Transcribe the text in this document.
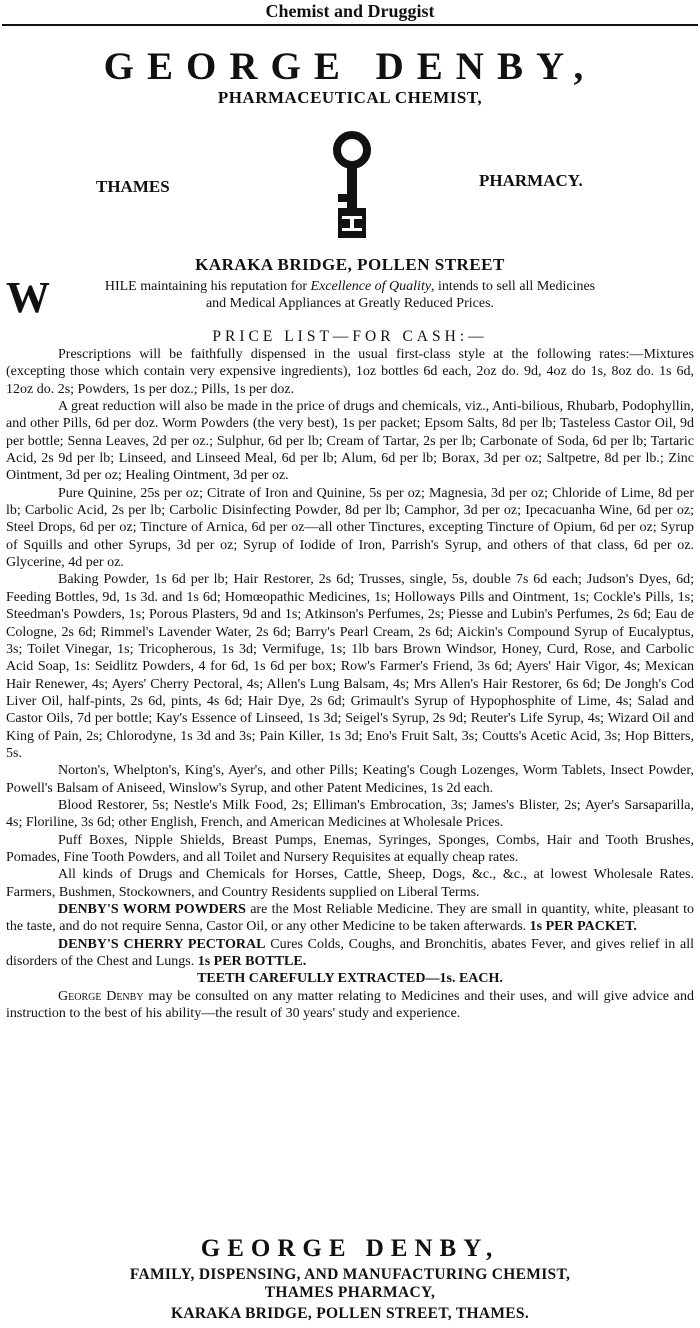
Chemist and Druggist
GEORGE DENBY,
PHARMACEUTICAL CHEMIST,
THAMES	PHARMACY.
KARAKA BRIDGE, POLLEN STREET
W	HILE maintaining his reputation for Excellence of Quality, intends to sell all Medicines
and Medical Appliances at Greatly Reduced Prices.
PRICE LIST—FOR CASH:—

Prescriptions will be faithfully dispensed in the usual first-class style at the following rates:—Mixtures (excepting those which contain very expensive ingredients), 1oz bottles 6d each, 2oz do. 9d, 4oz do 1s, 8oz do. 1s 6d, 12oz do. 2s; Powders, 1s per doz.; Pills, 1s per doz.

A great reduction will also be made in the price of drugs and chemicals, viz., Anti-bilious, Rhubarb, Podophyllin, and other Pills, 6d per doz. Worm Powders (the very best), 1s per packet; Epsom Salts, 8d per lb; Tasteless Castor Oil, 9d per bottle; Senna Leaves, 2d per oz.; Sulphur, 6d per lb; Cream of Tartar, 2s per lb; Carbonate of Soda, 6d per lb; Tartaric Acid, 2s 9d per lb; Linseed, and Linseed Meal, 6d per lb; Alum, 6d per lb; Borax, 3d per oz; Saltpetre, 8d per lb.; Zinc Ointment, 3d per oz; Healing Ointment, 3d per oz.

Pure Quinine, 25s per oz; Citrate of Iron and Quinine, 5s per oz; Magnesia, 3d per oz; Chloride of Lime, 8d per lb; Carbolic Acid, 2s per lb; Carbolic Disinfecting Powder, 8d per lb; Camphor, 3d per oz; Ipecacuanha Wine, 6d per oz; Steel Drops, 6d per oz; Tincture of Arnica, 6d per oz—all other Tinctures, excepting Tincture of Opium, 6d per oz; Syrup of Squills and other Syrups, 3d per oz; Syrup of Iodide of Iron, Parrish's Syrup, and others of that class, 6d per oz. Glycerine, 4d per oz.

Baking Powder, 1s 6d per lb; Hair Restorer, 2s 6d; Trusses, single, 5s, double 7s 6d each; Judson's Dyes, 6d; Feeding Bottles, 9d, 1s 3d. and 1s 6d; Homœopathic Medicines, 1s; Holloways Pills and Ointment, 1s; Cockle's Pills, 1s; Steedman's Powders, 1s; Porous Plasters, 9d and 1s; Atkinson's Perfumes, 2s; Piesse and Lubin's Perfumes, 2s 6d; Eau de Cologne, 2s 6d; Rimmel's Lavender Water, 2s 6d; Barry's Pearl Cream, 2s 6d; Aickin's Compound Syrup of Eucalyptus, 3s; Toilet Vinegar, 1s; Tricopherous, 1s 3d; Vermifuge, 1s; 1lb bars Brown Windsor, Honey, Curd, Rose, and Carbolic Acid Soap, 1s: Seidlitz Powders, 4 for 6d, 1s 6d per box; Row's Farmer's Friend, 3s 6d; Ayers' Hair Vigor, 4s; Mexican Hair Renewer, 4s; Ayers' Cherry Pectoral, 4s; Allen's Lung Balsam, 4s; Mrs Allen's Hair Restorer, 6s 6d; De Jongh's Cod Liver Oil, half-pints, 2s 6d, pints, 4s 6d; Hair Dye, 2s 6d; Grimault's Syrup of Hypophosphite of Lime, 4s; Salad and Castor Oils, 7d per bottle; Kay's Essence of Linseed, 1s 3d; Seigel's Syrup, 2s 9d; Reuter's Life Syrup, 4s; Wizard Oil and King of Pain, 2s; Chlorodyne, 1s 3d and 3s; Pain Killer, 1s 3d; Eno's Fruit Salt, 3s; Coutts's Acetic Acid, 3s; Hop Bitters, 5s.

Norton's, Whelpton's, King's, Ayer's, and other Pills; Keating's Cough Lozenges, Worm Tablets, Insect Powder, Powell's Balsam of Aniseed, Winslow's Syrup, and other Patent Medicines, 1s 2d each.

Blood Restorer, 5s; Nestle's Milk Food, 2s; Elliman's Embrocation, 3s; James's Blister, 2s; Ayer's Sarsaparilla, 4s; Floriline, 3s 6d; other English, French, and American Medicines at Wholesale Prices.

Puff Boxes, Nipple Shields, Breast Pumps, Enemas, Syringes, Sponges, Combs, Hair and Tooth Brushes, Pomades, Fine Tooth Powders, and all Toilet and Nursery Requisites at equally cheap rates.

All kinds of Drugs and Chemicals for Horses, Cattle, Sheep, Dogs, &c., &c., at lowest Wholesale Rates. Farmers, Bushmen, Stockowners, and Country Residents supplied on Liberal Terms.

DENBY'S WORM POWDERS are the Most Reliable Medicine. They are small in quantity, white, pleasant to the taste, and do not require Senna, Castor Oil, or any other Medicine to be taken afterwards. 1s PER PACKET.

DENBY'S CHERRY PECTORAL Cures Colds, Coughs, and Bronchitis, abates Fever, and gives relief in all disorders of the Chest and Lungs. 1s PER BOTTLE.

TEETH CAREFULLY EXTRACTED—1s. EACH.

George Denby may be consulted on any matter relating to Medicines and their uses, and will give advice and instruction to the best of his ability—the result of 30 years' study and experience.

GEORGE DENBY,
FAMILY, DISPENSING, AND MANUFACTURING CHEMIST,
THAMES PHARMACY,
KARAKA BRIDGE, POLLEN STREET, THAMES.
